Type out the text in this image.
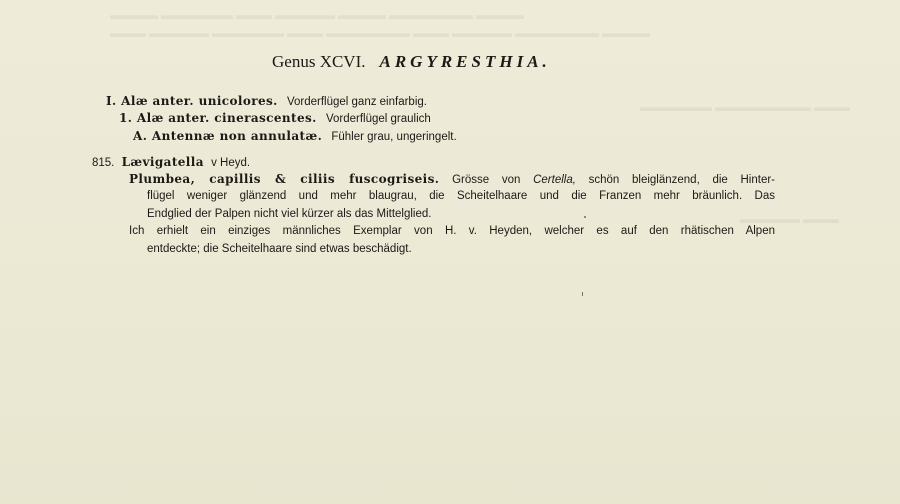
▬▬▬▬ ▬▬▬▬▬▬ ▬▬▬ ▬▬▬▬▬ ▬▬▬▬ ▬▬▬▬▬▬▬ ▬▬▬▬
▬▬▬ ▬▬▬▬▬ ▬▬▬▬▬▬ ▬▬▬ ▬▬▬▬▬▬▬ ▬▬▬ ▬▬▬▬▬ ▬▬▬▬▬▬▬ ▬▬▬▬
▬▬▬▬▬▬ ▬▬▬▬▬▬▬▬ ▬▬▬
▬▬▬▬▬ ▬▬▬
Genus XCVI. ARGYRESTHIA.
I. Alæ anter. unicolores. Vorderflügel ganz einfarbig.
1. Alæ anter. cinerascentes. Vorderflügel graulich
A. Antennæ non annulatæ. Fühler grau, ungeringelt.
815. Lævigatella v Heyd.
Plumbea, capillis & ciliis fuscogriseis. Grösse von Certella, schön bleiglänzend, die Hinter-
flügel weniger glänzend und mehr blaugrau, die Scheitelhaare und die Franzen mehr bräunlich. Das
Endglied der Palpen nicht viel kürzer als das Mittelglied.
Ich erhielt ein einziges männliches Exemplar von H. v. Heyden, welcher es auf den rhätischen Alpen
entdeckte; die Scheitelhaare sind etwas beschädigt.
